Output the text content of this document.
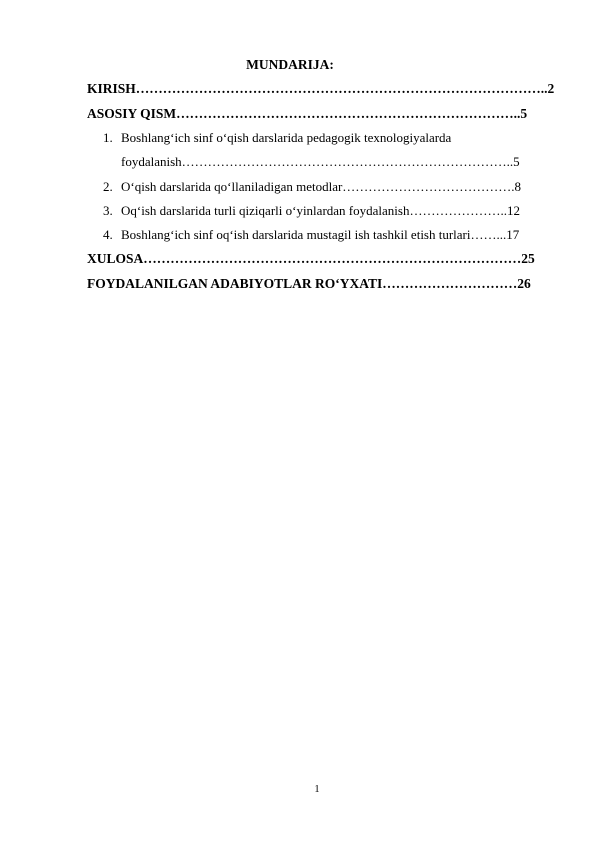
MUNDARIJA:

KIRISH………………………………………………………………………………..2
ASOSIY QISM…………………………………………………………………..5
1. Boshlang‘ich sinf o‘qish darslarida pedagogik texnologiyalarda
foydalanish…………………………………………………………………..5
2. O‘qish darslarida qo‘llaniladigan metodlar………………………………….8
3. Oq‘ish darslarida turli qiziqarli o‘yinlardan foydalanish…………………..12
4. Boshlang‘ich sinf oq‘ish darslarida mustagil ish tashkil etish turlari……...17
XULOSA…………………………………………………………………………25
FOYDALANILGAN ADABIYOTLAR RO‘YXATI…………………………26
1
